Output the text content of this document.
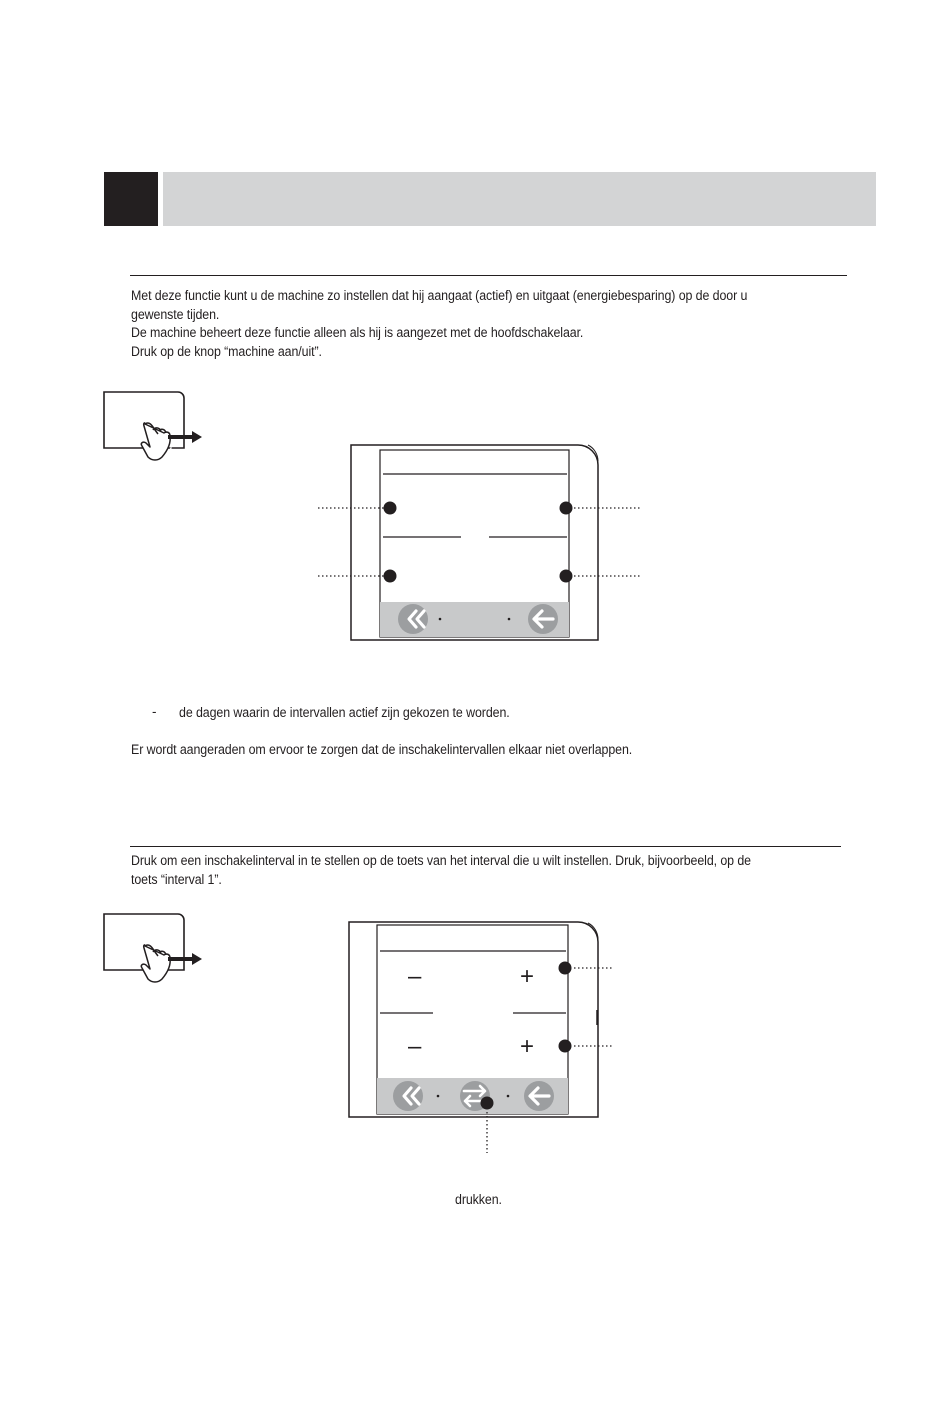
Met deze functie kunt u de machine zo instellen dat hij aangaat (actief) en uitgaat (energiebesparing) op de door u

gewenste tijden.

De machine beheert deze functie alleen als hij is aangezet met de hoofdschakelaar.

Druk op de knop “machine aan/uit”.

- de dagen waarin de intervallen actief zijn gekozen te worden.
Er wordt aangeraden om ervoor te zorgen dat de inschakelintervallen elkaar niet overlappen.

Druk om een inschakelinterval in te stellen op de toets van het interval die u wilt instellen. Druk, bijvoorbeeld, op de

toets “interval 1”.

–	+
–	+
drukken.
